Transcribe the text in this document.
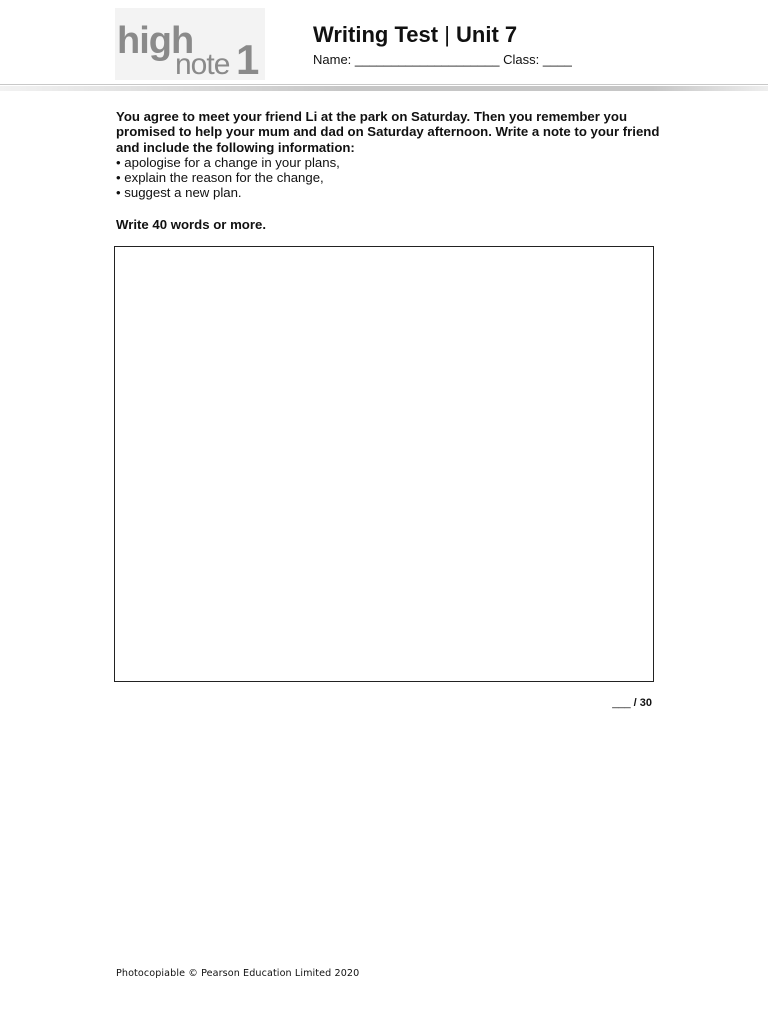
high
note 1
Writing Test | Unit 7
Name: ____________________ Class: ____

You agree to meet your friend Li at the park on Saturday. Then you remember you promised to help your mum and dad on Saturday afternoon. Write a note to your friend and include the following information:

• apologise for a change in your plans,
• explain the reason for the change,
• suggest a new plan.

Write 40 words or more.

___ / 30
Photocopiable © Pearson Education Limited 2020
